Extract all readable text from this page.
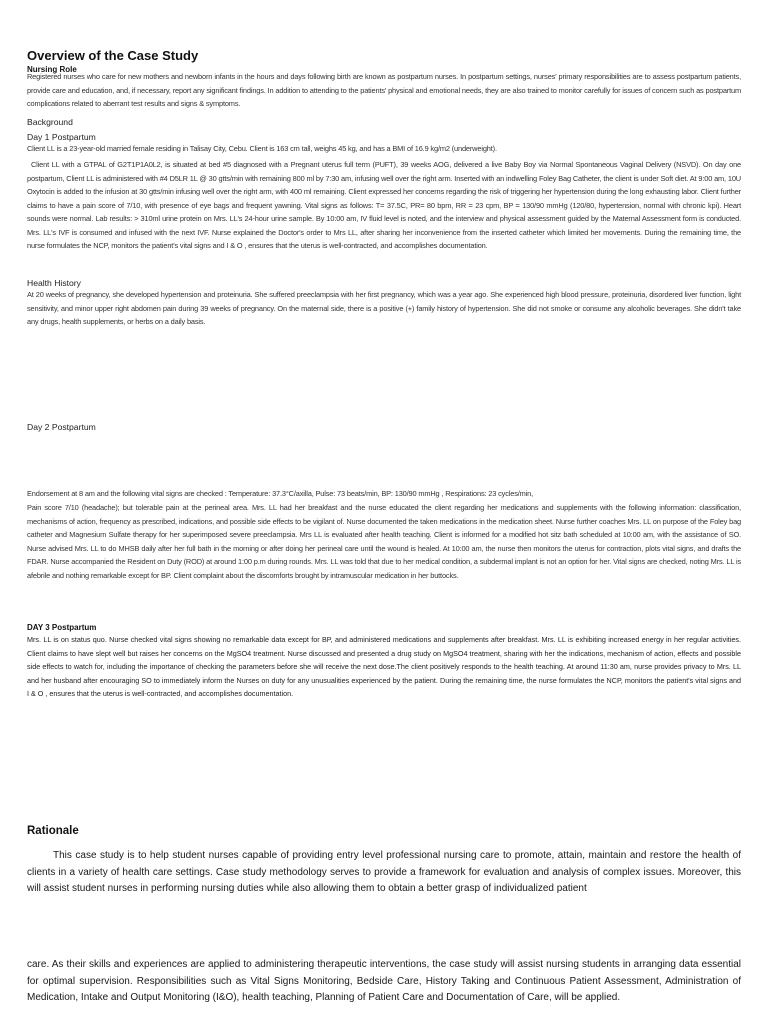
Overview of the Case Study
Nursing Role

Registered nurses who care for new mothers and newborn infants in the hours and days following birth are known as postpartum nurses. In postpartum settings, nurses' primary responsibilities are to assess postpartum patients, provide care and education, and, if necessary, report any significant findings. In addition to attending to the patients' physical and emotional needs, they are also trained to monitor carefully for issues of concern such as postpartum complications related to aberrant test results and signs & symptoms.

Background
Day 1 Postpartum

Client LL is a 23-year-old married female residing in Talisay City, Cebu. Client is 163 cm tall, weighs 45 kg, and has a BMI of 16.9 kg/m2 (underweight).

Client LL with a GTPAL of G2T1P1A0L2, is situated at bed #5 diagnosed with a Pregnant uterus full term (PUFT), 39 weeks AOG, delivered a live Baby Boy via Normal Spontaneous Vaginal Delivery (NSVD). On day one postpartum, Client LL is administered with #4 D5LR 1L @ 30 gtts/min with remaining 800 ml by 7:30 am, infusing well over the right arm. Inserted with an indwelling Foley Bag Catheter, the client is under Soft diet. At 9:00 am, 10U Oxytocin is added to the infusion at 30 gtts/min infusing well over the right arm, with 400 ml remaining. Client expressed her concerns regarding the risk of triggering her hypertension during the long exhausting labor. Client further claims to have a pain score of 7/10, with presence of eye bags and frequent yawning. Vital signs as follows: T= 37.5C, PR= 80 bpm, RR = 23 cpm, BP = 130/90 mmHg (120/80, hypertension, normal with chronic kpi). Heart sounds were normal. Lab results: > 310ml urine protein on Mrs. LL's 24-hour urine sample. By 10:00 am, IV fluid level is noted, and the interview and physical assessment guided by the Maternal Assessment form is conducted. Mrs. LL's IVF is consumed and infused with the next IVF. Nurse explained the Doctor's order to Mrs LL, after sharing her inconvenience from the inserted catheter which limited her movements. During the remaining time, the nurse formulates the NCP, monitors the patient's vital signs and I & O , ensures that the uterus is well-contracted, and accomplishes documentation.

Health History

At 20 weeks of pregnancy, she developed hypertension and proteinuria. She suffered preeclampsia with her first pregnancy, which was a year ago. She experienced high blood pressure, proteinuria, disordered liver function, light sensitivity, and minor upper right abdomen pain during 39 weeks of pregnancy. On the maternal side, there is a positive (+) family history of hypertension. She did not smoke or consume any alcoholic beverages. She didn't take any drugs, health supplements, or herbs on a daily basis.

Day 2 Postpartum

Endorsement at 8 am and the following vital signs are checked : Temperature: 37.3°C/axilla, Pulse: 73 beats/min, BP: 130/90 mmHg , Respirations: 23 cycles/min,

Pain score 7/10 (headache); but tolerable pain at the perineal area. Mrs. LL had her breakfast and the nurse educated the client regarding her medications and supplements with the following information: classification, mechanisms of action, frequency as prescribed, indications, and possible side effects to be vigilant of. Nurse documented the taken medications in the medication sheet. Nurse further coaches Mrs. LL on purpose of the Foley bag catheter and Magnesium Sulfate therapy for her superimposed severe preeclampsia. Mrs LL is evaluated after health teaching. Client is informed for a modified hot sitz bath scheduled at 10:00 am, with the assistance of SO. Nurse advised Mrs. LL to do MHSB daily after her full bath in the morning or after doing her perineal care until the wound is healed. At 10:00 am, the nurse then monitors the uterus for contraction, plots vital signs, and drafts the FDAR. Nurse accompanied the Resident on Duty (ROD) at around 1:00 p.m during rounds. Mrs. LL was told that due to her medical condition, a subdermal implant is not an option for her. Vital signs are checked, noting Mrs. LL is afebrile and nothing remarkable except for BP. Client complaint about the discomforts brought by intramuscular medication in her buttocks.

DAY 3 Postpartum

Mrs. LL is on status quo. Nurse checked vital signs showing no remarkable data except for BP, and administered medications and supplements after breakfast. Mrs. LL is exhibiting increased energy in her regular activities. Client claims to have slept well but raises her concerns on the MgSO4 treatment. Nurse discussed and presented a drug study on MgSO4 treatment, sharing with her the indications, mechanism of action, effects and possible side effects to watch for, including the importance of checking the parameters before she will receive the next dose.The client positively responds to the health teaching. At around 11:30 am, nurse provides privacy to Mrs. LL and her husband after encouraging SO to immediately inform the Nurses on duty for any unusualities experienced by the patient. During the remaining time, the nurse formulates the NCP, monitors the patient's vital signs and I & O , ensures that the uterus is well-contracted, and accomplishes documentation.

Rationale

This case study is to help student nurses capable of providing entry level professional nursing care to promote, attain, maintain and restore the health of clients in a variety of health care settings. Case study methodology serves to provide a framework for evaluation and analysis of complex issues. Moreover, this will assist student nurses in performing nursing duties while also allowing them to obtain a better grasp of individualized patient

care. As their skills and experiences are applied to administering therapeutic interventions, the case study will assist nursing students in arranging data essential for optimal supervision. Responsibilities such as Vital Signs Monitoring, Bedside Care, History Taking and Continuous Patient Assessment, Administration of Medication, Intake and Output Monitoring (I&O), health teaching, Planning of Patient Care and Documentation of Care, will be applied.
